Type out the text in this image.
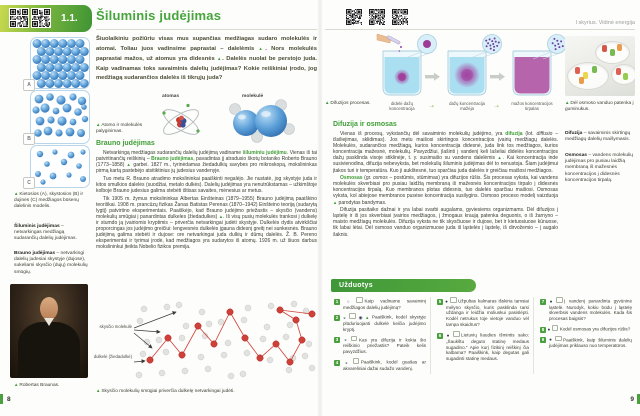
1.1.	Šiluminis judėjimas
Šiuolaikiniu požiūriu visas mus supančias medžiagas sudaro molekulės ir atomai. Toliau juos vadinsime paprastai – dalelėmis ▲. Nors molekulės paprastai mažos, už atomus yra didesnės ▲. Dalelės nuolat be perstojo juda. Kaip vadinamas toks savaiminis dalelių judėjimas? Kokie reiškiniai įrodo, jog medžiagą sudarančios dalelės iš tikrųjų juda?
atomas	molekulė
▲Atomo ir molekulės palyginimas.
Brauno judėjimas

Netvarkingą medžiagas sudarančių dalelių judėjimą vadiname šiluminiu judėjimu. Vienas iš tai patvirtinančių reiškinių – Brauno judėjimas, pavadintas jį atradusio škotų botaniko Roberto Brauno (1773–1858) ▲ garbei. 1827 m., tyrinėdamas žiedadulkių savybes pro mikroskopą, mokslininkas pirmą kartą pastebėjo atsitiktinius jų judesius vandenyje.

Tuo metu R. Brauno atradimo mokslininkai paaiškinti negalėjo. Jie nustatė, jog skystyje juda ir kitos smulkios dalelės (suodžiai, metalo dulkės). Dalelių judėjimas yra nenutrūkstamas – užkimštoje kolboje Brauno judesius galima stebėti ištisas savaites, mėnesius ar metus.

Tik 1905 m. žymus mokslininkas Albertas Einšteinas (1879–1955) Brauno judėjimą paaiškino teoriškai. 1908 m. prancūzų fizikas Žanas Batistas Perenas (1870–1942) Einšteino teoriją (sudarytą lygtį) patvirtino eksperimentais. Paaiškėjo, kad Brauno judėjimo priežastis – skysčio (vandens) molekulių smūgiai į panardintas dulkeles (žiedadulkes) ▲. Iš visų pusių molekulės trankosi į dulkelę ir stumdo ją įvairiomis kryptimis – priverčia netvarkingai judėti skystyje. Dulkelės dydis atvirkščiai proporcingas jos judėjimo greičiui: lengvesnės dulkelės įgauna didesnį greitį nei sunkesnės. Brauno judėjimą galima stebėti ir dujose: ore netvarkingai juda dulkių ir dūmų dalelės. Ž. B. Pereno eksperimentai ir tyrimai įrodė, kad medžiagos yra sudarytos iš atomų. 1926 m. už šiuos darbus mokslininkui įteikta Nobelio fizikos premija.

skysčio molekulė
dulkelė (žiedadulkė)
▲Skysčio molekulių smūgiai priverčia dulkelę netvarkingai judėti.
A
B
C
▲Kietosios (A), skystosios (B) ir dujinės (C) medžiagos būsenų dalelinis modelis.
Šiluminis judėjimas – netvarkingas medžiagą sudarančių dalelių judėjimas.
Brauno judėjimas – netvarkingi dalelių judesiai skystyje (dujose), sukeliami skysčio (dujų) molekulių smūgių.
▲Robertas Braunas.
8
I skyrius. Vidinė energija
didelė dažų koncentracija
dažų koncentracija mažėja
mažos koncentracijos tirpalas
➝	➝
▲Difuzijos procesas.	▲Dėl osmoso vanduo patenka į guminukus.
Difuzija ir osmosas

Vienas iš procesų, vykstančių dėl savaiminio molekulių judėjimo, yra difuzija (lot. diffusio – išsiliejimas, sklidimas). Jos metu maišosi skirtingos koncentracijos įvairių medžiagų dalelės. Molekulės, sudarančios medžiagą, kurios koncentracija didesnė, juda link tos medžiagos, kurios koncentracija mažesnė, molekulių. Pavyzdžiui, įlašinti į vandenį keli lašeliai didelės koncentracijos dažų pasklinda visoje stiklinėje, t. y. susimaišo su vandens dalelėmis ▲. Kai koncentracija inde susivienodina, difuzija nebevyksta, bet molekulių šiluminis judėjimas dėl to nenustoja. Šiam judėjimui įtakos turi ir temperatūra. Kuo ji aukštesnė, tuo sparčiau juda dalelės ir greičiau maišosi medžiagos.

Osmosas (gr. osmos – postūmis, stūmimas) yra difuzijos rūšis. Šis procesas vyksta, kai vandens molekulės skverbiasi pro pusiau laidžią membraną iš mažesnės koncentracijos tirpalo į didesnės koncentracijos tirpalą. Kuo membranos plotas didesnis, tuo dalelės sparčiau maišosi. Osmosas vyksta, kol abiejose membranos pusėse koncentracija susilygins. Osmoso proceso modelį vaizduoja ▲ parodytas bandymas.

Difuzija pasitaiko dažnai ir yra labai svarbi augalams, gyviesiems organizmams. Dėl difuzijos į ląstelę ir iš jos skverbiasi įvairios medžiagos, į žmogaus kraują patenka deguonis, o iš žarnyno – maisto medžiagų molekulės. Difuzija vyksta ne tik skysčiuose ir dujose, bet ir kietuosiuose kūnuose, tik labai lėtai. Dėl osmoso vanduo organizmuose juda iš ląstelės į ląstelę, iš dirvožemio – į augalo šaknis.

Difuzija – savaiminis skirtingų medžiagų dalelių maišymasis.
Osmosas – vandens molekulių judėjimas pro pusiau laidžią membraną iš mažesnės koncentracijos į didesnės koncentracijos tirpalą.
Užduotys
1 ○ Kaip vadiname savaiminį medžiagos dalelių judėjimą?
2 ◒ ◉▲Paaiškink, kodėl skystyje plūduriuojanti dulkelė keičia judėjimo kryptį.
3 ◒ Kas yra difuzija ir kokia šio reiškinio priežastis? Pateik kelis pavyzdžius.
4 ◒ Paaiškink, kodėl guašas ar akvareliniai dažai sudažo vandenį.
5 ● Užpultas kalmaras išskiria tamsiai mėlyno skysčio, kuris pasklinda tarsi uždanga ir leidžia moliuskui pasislėpti. Kodėl netrukus toje vietoje vanduo vėl tampa skaidrus?
6 ● Lietuvių liaudies išmintis sako: „Šaukštu deguto statinę medaus sugadino.“ Apie kurį fizikinį reiškinį čia kalbama? Paaiškink, kaip degutas gali sugadinti statinę medaus.
7 ● Į vandenį panardinta gyvūninė ląstelė. Nurodyk, kokiu būdu į ląstelę skverbsis vandens molekulės. Kada šis procesas baigsis?
8 ● Kodėl osmosas yra difuzijos rūšis?
9 ● Paaiškink, kaip šiluminis dalelių judėjimas priklauso nuo temperatūros.
9
